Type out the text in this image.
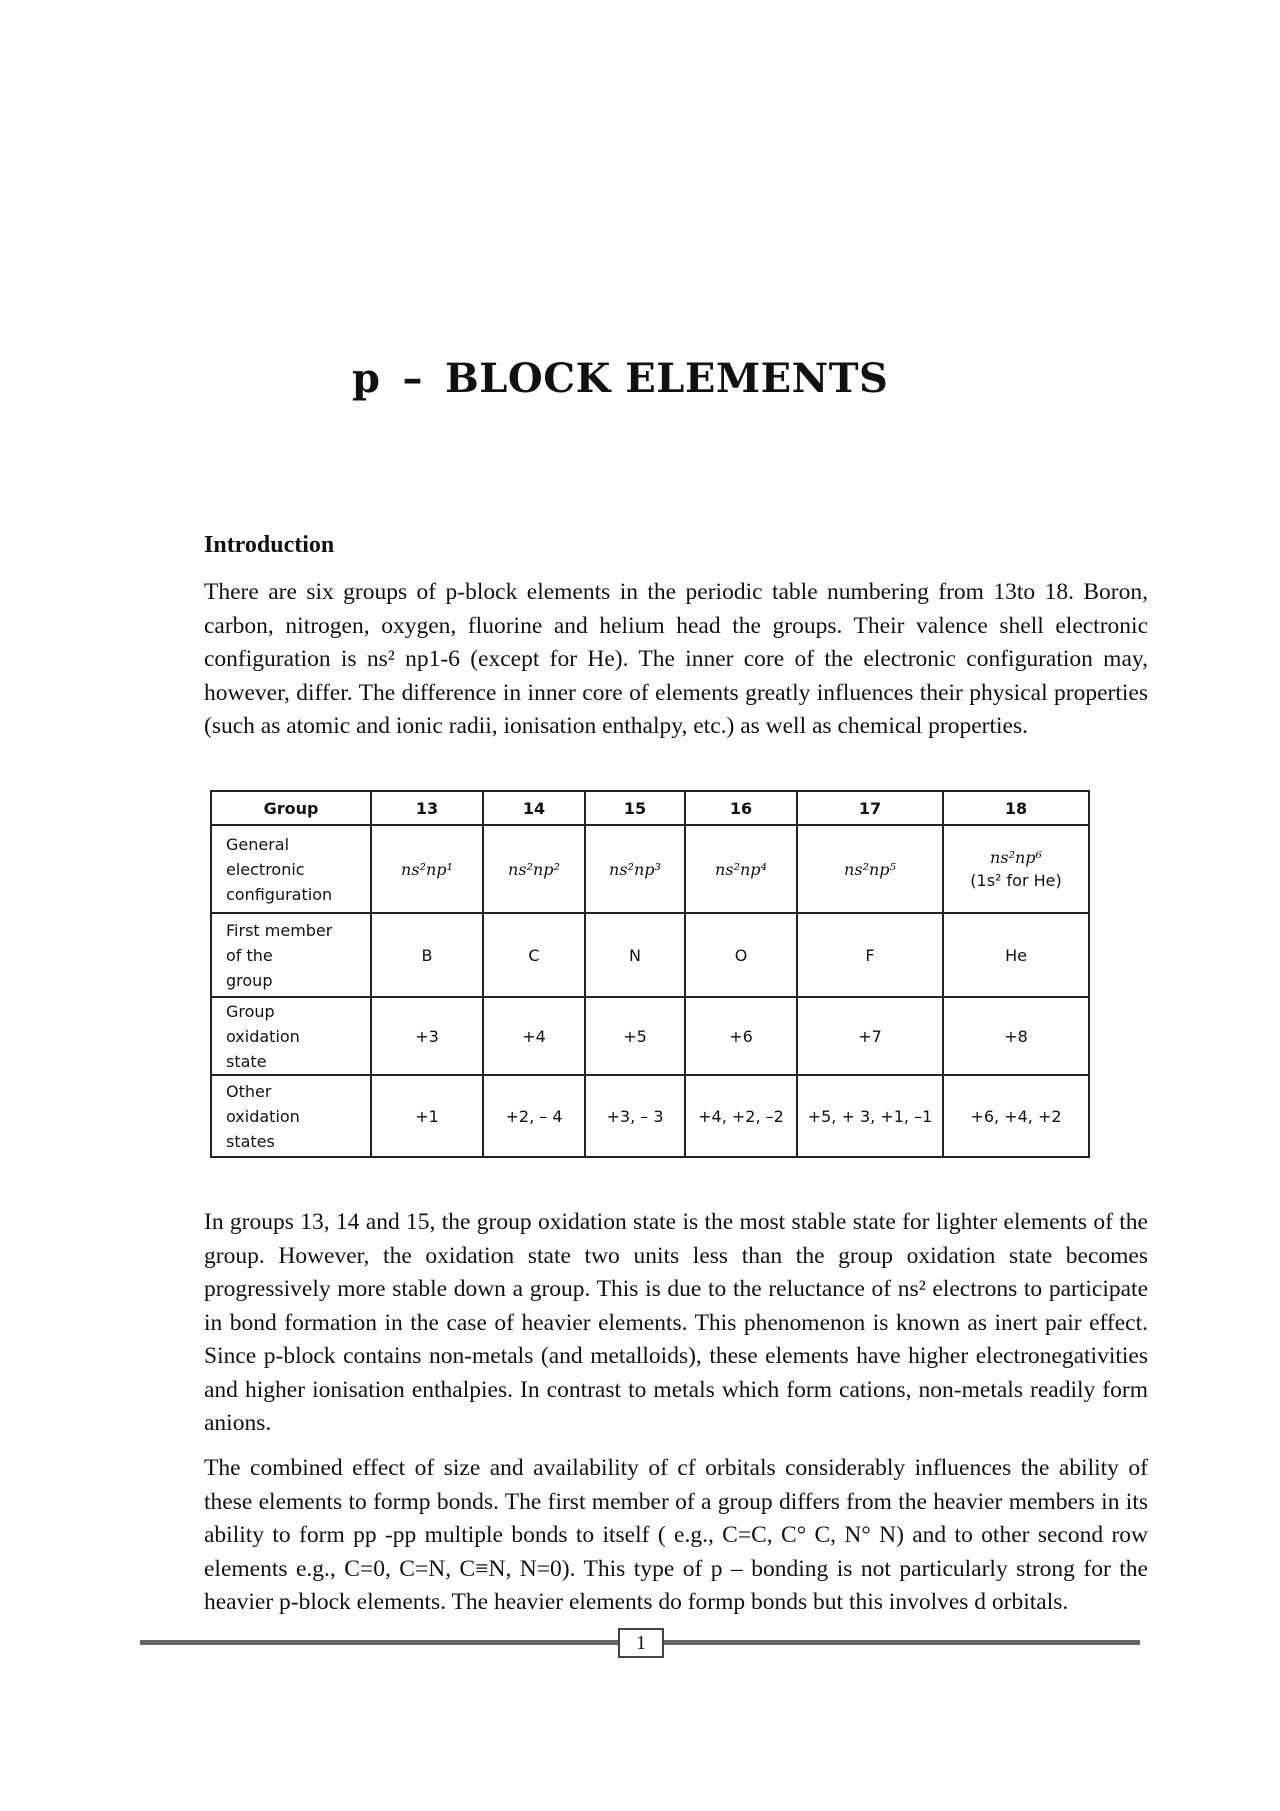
p – BLOCK ELEMENTS
Introduction

There are six groups of p-block elements in the periodic table numbering from 13to 18. Boron, carbon, nitrogen, oxygen, fluorine and helium head the groups. Their valence shell electronic configuration is ns² np1-6 (except for He). The inner core of the electronic configuration may, however, differ. The difference in inner core of elements greatly influences their physical properties (such as atomic and ionic radii, ionisation enthalpy, etc.) as well as chemical properties.

Group	13	14	15	16	17	18
General
electronic
configuration	ns²np¹	ns²np²	ns²np³	ns²np⁴	ns²np⁵	ns²np⁶
(1s² for He)

First member
of the
group	B	C	N	O	F	He
Group
oxidation
state	+3	+4	+5	+6	+7	+8
Other
oxidation
states	+1	+2, – 4	+3, – 3	+4, +2, –2	+5, + 3, +1, –1	+6, +4, +2

In groups 13, 14 and 15, the group oxidation state is the most stable state for lighter elements of the group. However, the oxidation state two units less than the group oxidation state becomes progressively more stable down a group. This is due to the reluctance of ns² electrons to participate in bond formation in the case of heavier elements. This phenomenon is known as inert pair effect. Since p-block contains non-metals (and metalloids), these elements have higher electronegativities and higher ionisation enthalpies. In contrast to metals which form cations, non-metals readily form anions.

The combined effect of size and availability of cf orbitals considerably influences the ability of these elements to formp bonds. The first member of a group differs from the heavier members in its ability to form pp -pp multiple bonds to itself ( e.g., C=C, C° C, N° N) and to other second row elements e.g., C=0, C=N, C≡N, N=0). This type of p – bonding is not particularly strong for the heavier p-block elements. The heavier elements do formp bonds but this involves d orbitals.

1
